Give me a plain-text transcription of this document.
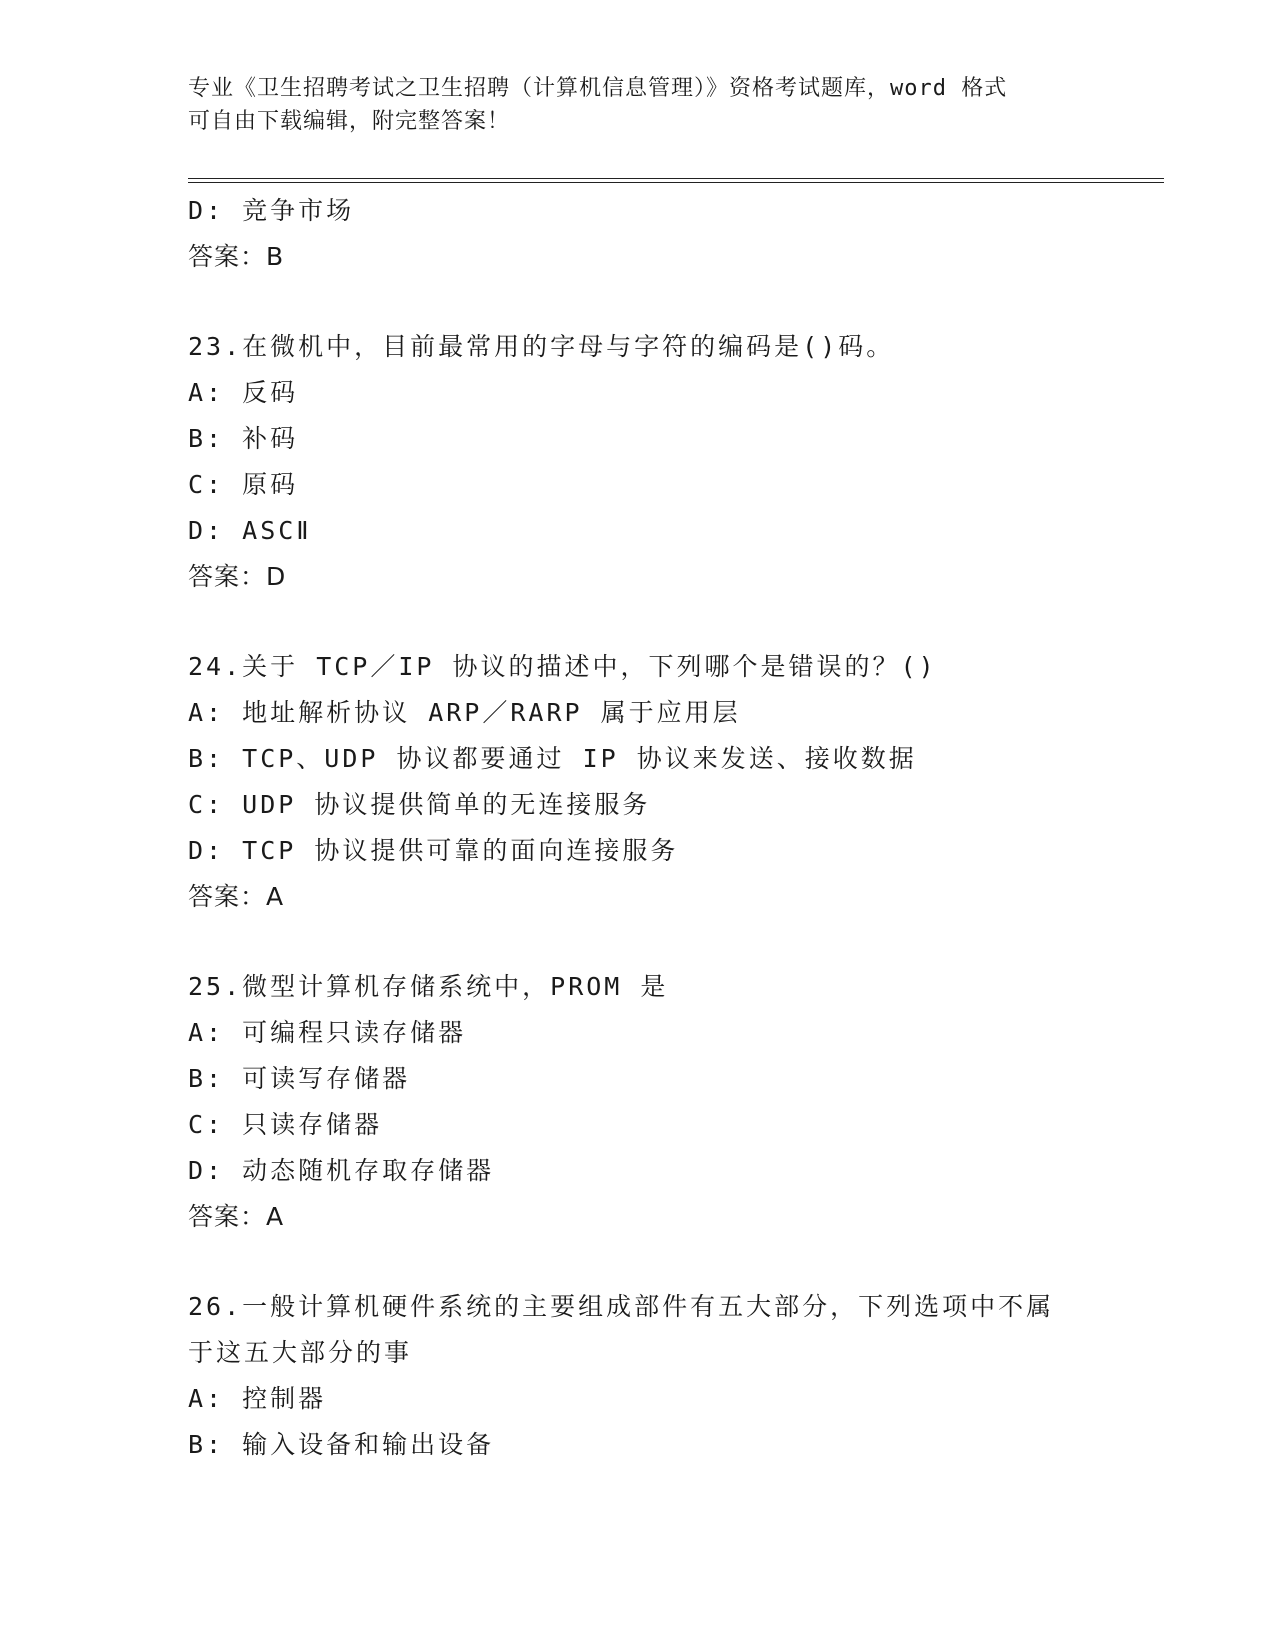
专业《卫生招聘考试之卫生招聘（计算机信息管理）》资格考试题库，word 格式
可自由下载编辑，附完整答案！
D: 竞争市场
答案：B
23.在微机中，目前最常用的字母与字符的编码是()码。
A: 反码
B: 补码
C: 原码
D: ASCⅡ
答案：D
24.关于 TCP／IP 协议的描述中，下列哪个是错误的？()
A: 地址解析协议 ARP／RARP 属于应用层
B: TCP、UDP 协议都要通过 IP 协议来发送、接收数据
C: UDP 协议提供简单的无连接服务
D: TCP 协议提供可靠的面向连接服务
答案：A
25.微型计算机存储系统中，PROM 是
A: 可编程只读存储器
B: 可读写存储器
C: 只读存储器
D: 动态随机存取存储器
答案：A
26.一般计算机硬件系统的主要组成部件有五大部分，下列选项中不属
于这五大部分的事
A: 控制器
B: 输入设备和输出设备
